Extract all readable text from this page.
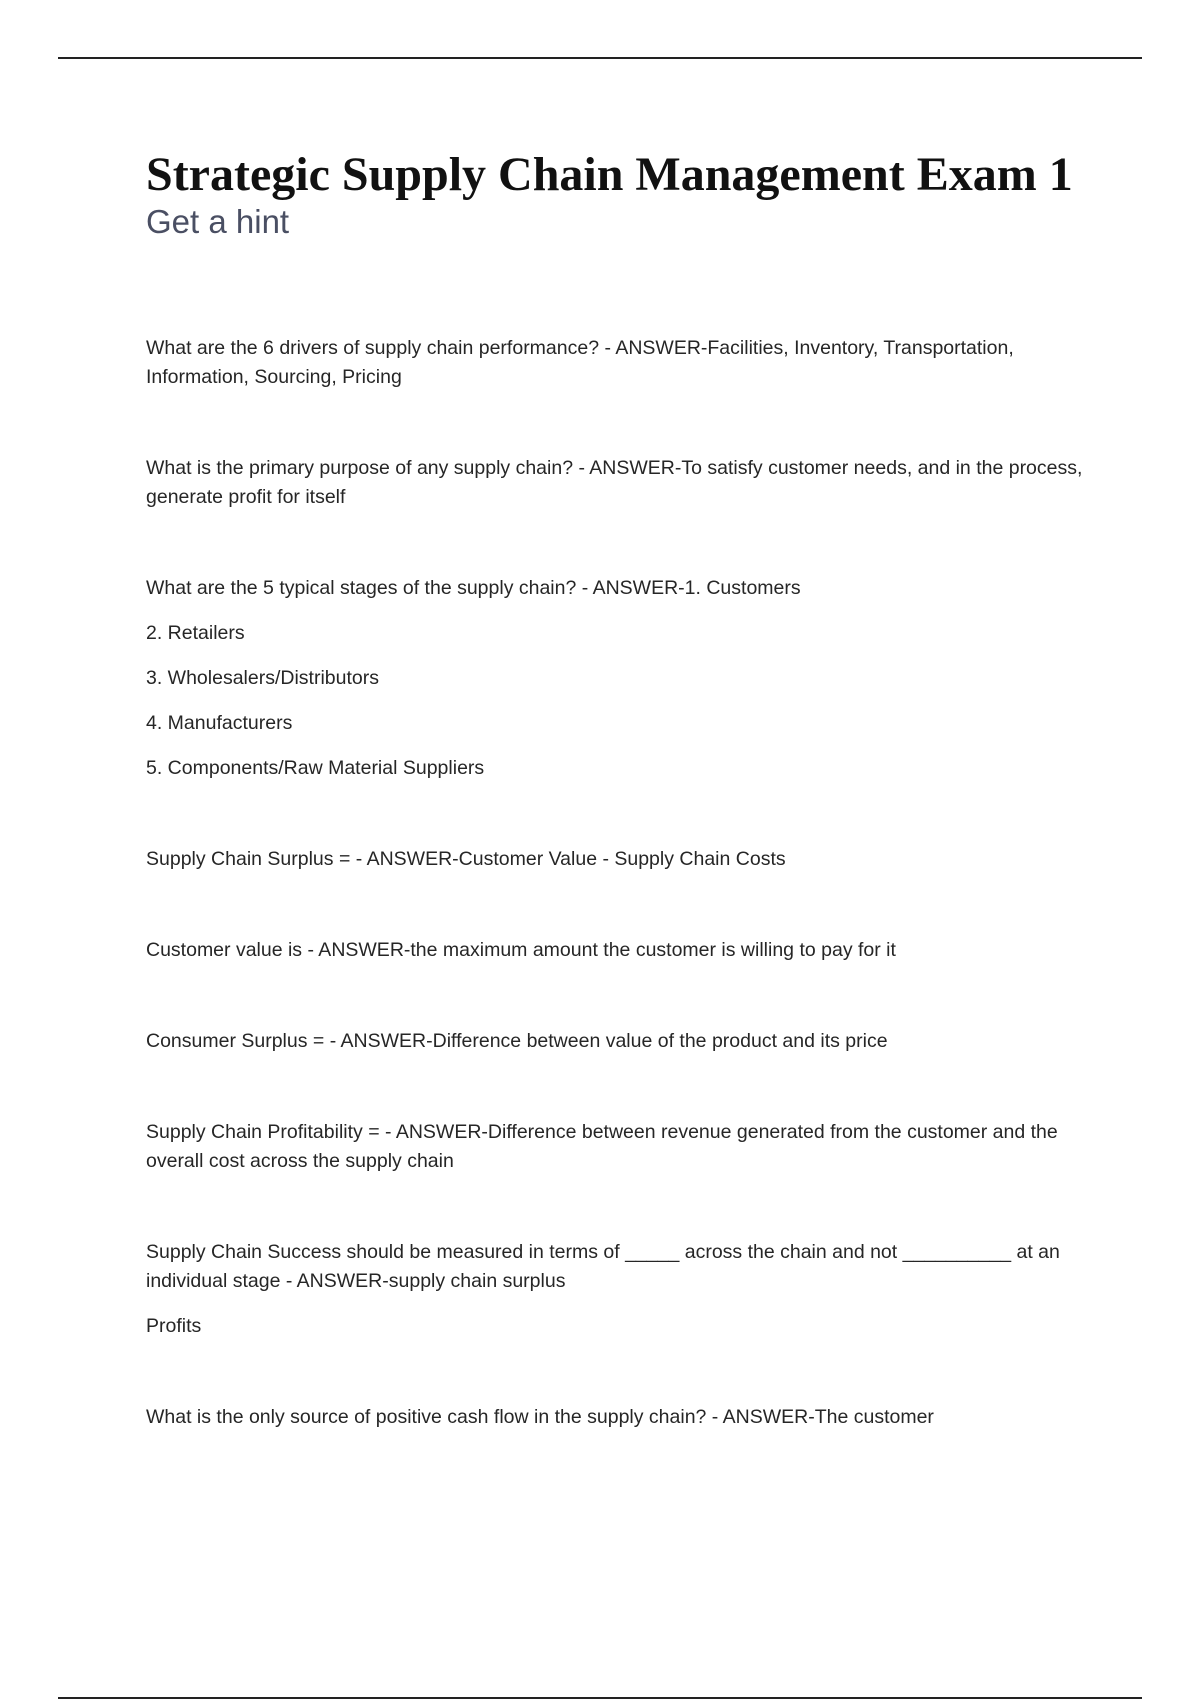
Strategic Supply Chain Management Exam 1
Get a hint

What are the 6 drivers of supply chain performance? - ANSWER-Facilities, Inventory, Transportation, Information, Sourcing, Pricing

What is the primary purpose of any supply chain? - ANSWER-To satisfy customer needs, and in the process, generate profit for itself

What are the 5 typical stages of the supply chain? - ANSWER-1. Customers

2. Retailers

3. Wholesalers/Distributors

4. Manufacturers

5. Components/Raw Material Suppliers

Supply Chain Surplus = - ANSWER-Customer Value - Supply Chain Costs

Customer value is - ANSWER-the maximum amount the customer is willing to pay for it

Consumer Surplus = - ANSWER-Difference between value of the product and its price

Supply Chain Profitability = - ANSWER-Difference between revenue generated from the customer and the overall cost across the supply chain

Supply Chain Success should be measured in terms of _____ across the chain and not __________ at an individual stage - ANSWER-supply chain surplus

Profits

What is the only source of positive cash flow in the supply chain? - ANSWER-The customer
